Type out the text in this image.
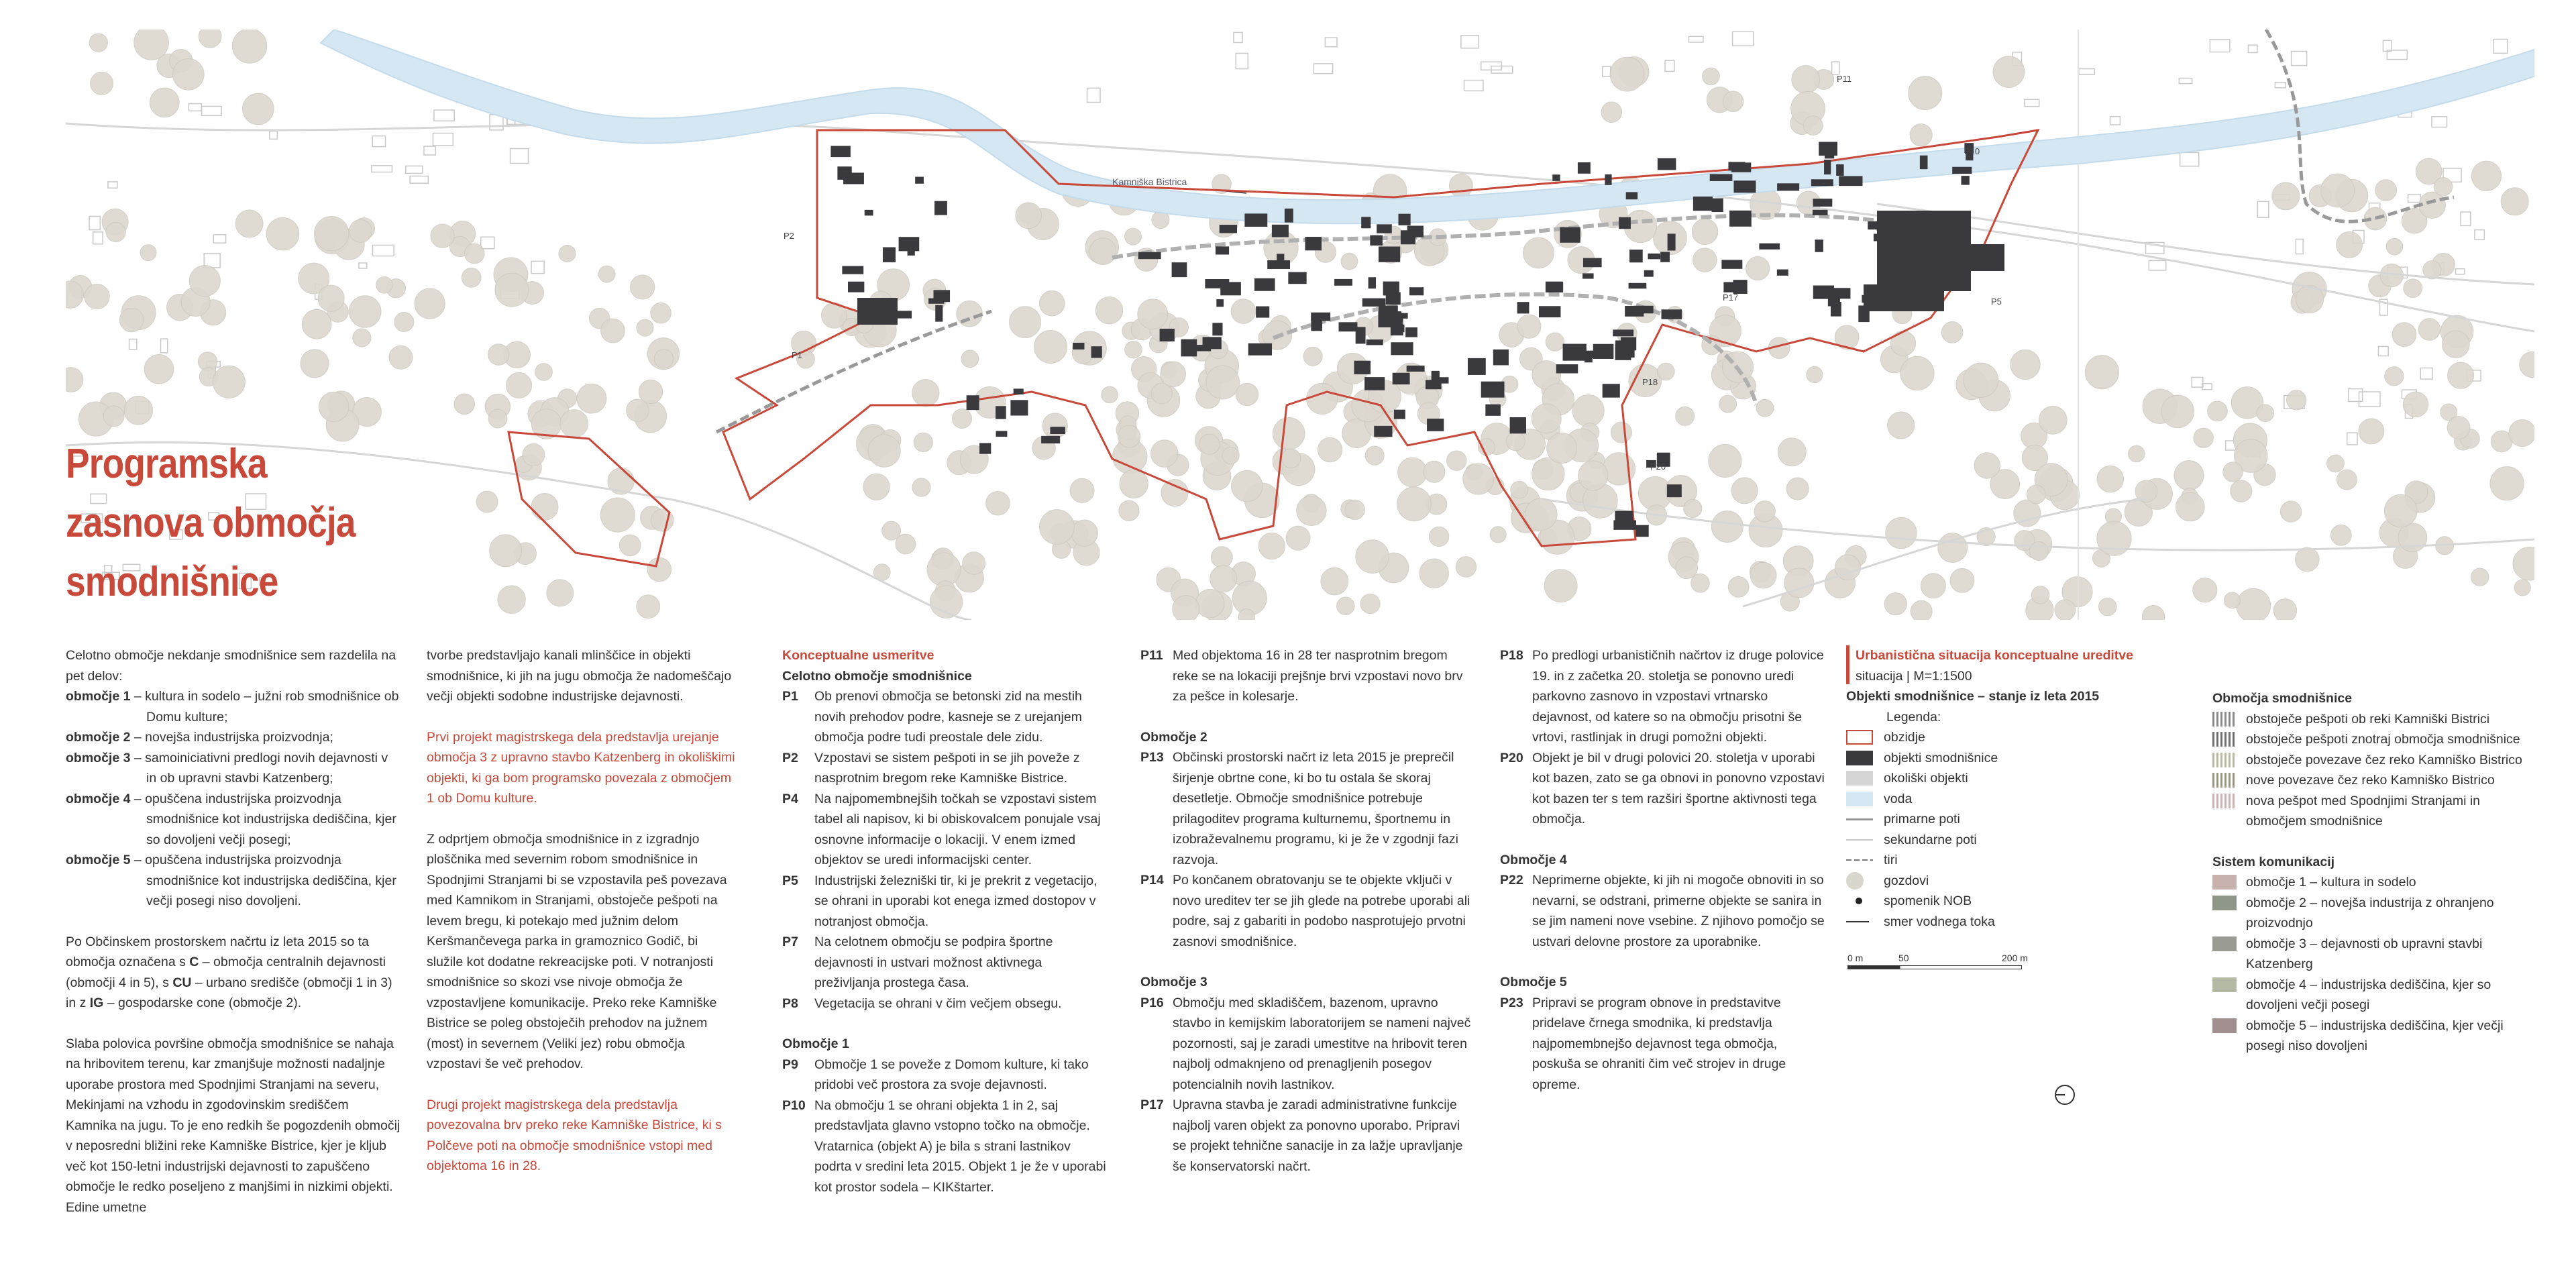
Kamniška Bistrica
P1
P2
P5
P10
P11
P17
P18
P20
Programska
zasnova območja
smodnišnice

Celotno območje nekdanje smodnišnice sem razdelila na pet delov:

območje 1 – kultura in sodelo – južni rob smodnišnice ob Domu kulture;
območje 2 – novejša industrijska proizvodnja;
območje 3 – samoiniciativni predlogi novih dejavnosti v in ob upravni stavbi Katzenberg;
območje 4 – opuščena industrijska proizvodnja smodnišnice kot industrijska dediščina, kjer so dovoljeni večji posegi;
območje 5 – opuščena industrijska proizvodnja smodnišnice kot industrijska dediščina, kjer večji posegi niso dovoljeni.

Po Občinskem prostorskem načrtu iz leta 2015 so ta območja označena s C – območja centralnih dejavnosti (območji 4 in 5), s CU – urbano središče (območji 1 in 3) in z IG – gospodarske cone (območje 2).

Slaba polovica površine območja smodnišnice se nahaja na hribovitem terenu, kar zmanjšuje možnosti nadaljnje uporabe prostora med Spodnjimi Stranjami na severu, Mekinjami na vzhodu in zgodovinskim središčem Kamnika na jugu. To je eno redkih še pogozdenih območij v neposredni bližini reke Kamniške Bistrice, kjer je kljub več kot 150-letni industrijski dejavnosti to zapuščeno območje le redko poseljeno z manjšimi in nizkimi objekti. Edine umetne

tvorbe predstavljajo kanali mlinščice in objekti smodnišnice, ki jih na jugu območja že nadomeščajo večji objekti sodobne industrijske dejavnosti.

Prvi projekt magistrskega dela predstavlja urejanje območja 3 z upravno stavbo Katzenberg in okoliškimi objekti, ki ga bom programsko povezala z območjem 1 ob Domu kulture.

Z odprtjem območja smodnišnice in z izgradnjo ploščnika med severnim robom smodnišnice in Spodnjimi Stranjami bi se vzpostavila peš povezava med Kamnikom in Stranjami, obstoječe pešpoti na levem bregu, ki potekajo med južnim delom Keršmančevega parka in gramoznico Godič, bi služile kot dodatne rekreacijske poti. V notranjosti smodnišnice so skozi vse nivoje območja že vzpostavljene komunikacije. Preko reke Kamniške Bistrice se poleg obstoječih prehodov na južnem (most) in severnem (Veliki jez) robu območja vzpostavi še več prehodov.

Drugi projekt magistrskega dela predstavlja povezovalna brv preko reke Kamniške Bistrice, ki s Polčeve poti na območje smodnišnice vstopi med objektoma 16 in 28.

Konceptualne usmeritve
Celotno območje smodnišnice
P1	Ob prenovi območja se betonski zid na mestih novih prehodov podre, kasneje se z urejanjem območja podre tudi preostale dele zidu.
P2	Vzpostavi se sistem pešpoti in se jih poveže z nasprotnim bregom reke Kamniške Bistrice.
P4	Na najpomembnejših točkah se vzpostavi sistem tabel ali napisov, ki bi obiskovalcem ponujale vsaj osnovne informacije o lokaciji. V enem izmed objektov se uredi informacijski center.
P5	Industrijski železniški tir, ki je prekrit z vegetacijo, se ohrani in uporabi kot enega izmed dostopov v notranjost območja.
P7	Na celotnem območju se podpira športne dejavnosti in ustvari možnost aktivnega preživljanja prostega časa.
P8	Vegetacija se ohrani v čim večjem obsegu.
Območje 1
P9	Območje 1 se poveže z Domom kulture, ki tako pridobi več prostora za svoje dejavnosti.
P10 Na območju 1 se ohrani objekta 1 in 2, saj predstavljata glavno vstopno točko na območje. Vratarnica (objekt A) je bila s strani lastnikov podrta v sredini leta 2015. Objekt 1 je že v uporabi kot prostor sodela – KIKštarter.
P11 Med objektoma 16 in 28 ter nasprotnim bregom reke se na lokaciji prejšnje brvi vzpostavi novo brv za pešce in kolesarje.
Območje 2
P13 Občinski prostorski načrt iz leta 2015 je preprečil širjenje obrtne cone, ki bo tu ostala še skoraj desetletje. Območje smodnišnice potrebuje prilagoditev programa kulturnemu, športnemu in izobraževalnemu programu, ki je že v zgodnji fazi razvoja.
P14 Po končanem obratovanju se te objekte vključi v novo ureditev ter se jih glede na potrebe uporabi ali podre, saj z gabariti in podobo nasprotujejo prvotni zasnovi smodnišnice.
Območje 3
P16 Območju med skladiščem, bazenom, upravno stavbo in kemijskim laboratorijem se nameni največ pozornosti, saj je zaradi umestitve na hribovit teren najbolj odmaknjeno od prenagljenih posegov potencialnih novih lastnikov.
P17 Upravna stavba je zaradi administrativne funkcije najbolj varen objekt za ponovno uporabo. Pripravi se projekt tehnične sanacije in za lažje upravljanje še konservatorski načrt.
P18 Po predlogi urbanističnih načrtov iz druge polovice 19. in z začetka 20. stoletja se ponovno uredi parkovno zasnovo in vzpostavi vrtnarsko dejavnost, od katere so na območju prisotni še vrtovi, rastlinjak in drugi pomožni objekti.
P20 Objekt je bil v drugi polovici 20. stoletja v uporabi kot bazen, zato se ga obnovi in ponovno vzpostavi kot bazen ter s tem razširi športne aktivnosti tega območja.
Območje 4
P22 Neprimerne objekte, ki jih ni mogoče obnoviti in so nevarni, se odstrani, primerne objekte se sanira in se jim nameni nove vsebine. Z njihovo pomočjo se ustvari delovne prostore za uporabnike.
Območje 5
P23 Pripravi se program obnove in predstavitve pridelave črnega smodnika, ki predstavlja najpomembnejšo dejavnost tega območja, poskuša se ohraniti čim več strojev in druge opreme.
Urbanistična situacija konceptualne ureditve
situacija | M=1:1500
Objekti smodnišnice – stanje iz leta 2015
Legenda:
obzidje
objekti smodnišnice
okoliški objekti
voda
primarne poti
sekundarne poti
tiri
gozdovi
spomenik NOB
smer vodnega toka
0 m	50	200 m
Območja smodnišnice
obstoječe pešpoti ob reki Kamniški Bistrici
obstoječe pešpoti znotraj območja smodnišnice
obstoječe povezave čez reko Kamniško Bistrico
nove povezave čez reko Kamniško Bistrico
nova pešpot med Spodnjimi Stranjami in območjem smodnišnice
Sistem komunikacij
območje 1 – kultura in sodelo
območje 2 – novejša industrija z ohranjeno proizvodnjo
območje 3 – dejavnosti ob upravni stavbi Katzenberg
območje 4 – industrijska dediščina, kjer so dovoljeni večji posegi
območje 5 – industrijska dediščina, kjer večji posegi niso dovoljeni
